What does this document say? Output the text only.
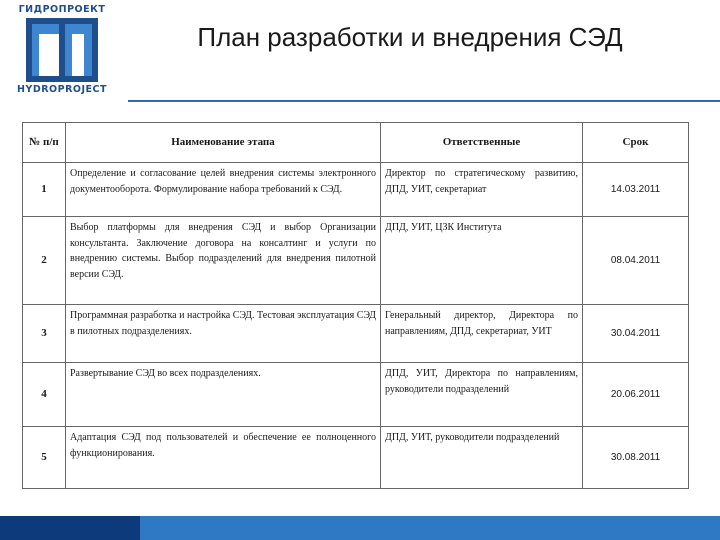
ГИДРОПРОЕКТ
HYDROPROJECT
План разработки и внедрения СЭД
№ п/п	Наименование этапа	Ответственные	Срок
1	Определение и согласование целей внедрения системы электронного документооборота. Формулирование набора требований к СЭД.	Директор по стратегическому развитию, ДПД, УИТ, секретариат	14.03.2011
2	Выбор платформы для внедрения СЭД и выбор Организации консультанта. Заключение договора на консалтинг и услуги по внедрению системы. Выбор подразделений для внедрения пилотной версии СЭД.	ДПД, УИТ, ЦЗК Института	08.04.2011
3	Программная разработка и настройка СЭД. Тестовая эксплуатация СЭД в пилотных подразделениях.	Генеральный директор, Директора по направлениям, ДПД, секретариат, УИТ	30.04.2011
4	Развертывание СЭД во всех подразделениях.	ДПД, УИТ, Директора по направлениям, руководители подразделений	20.06.2011
5	Адаптация СЭД под пользователей и обеспечение ее полноценного функционирования.	ДПД, УИТ, руководители подразделений	30.08.2011
